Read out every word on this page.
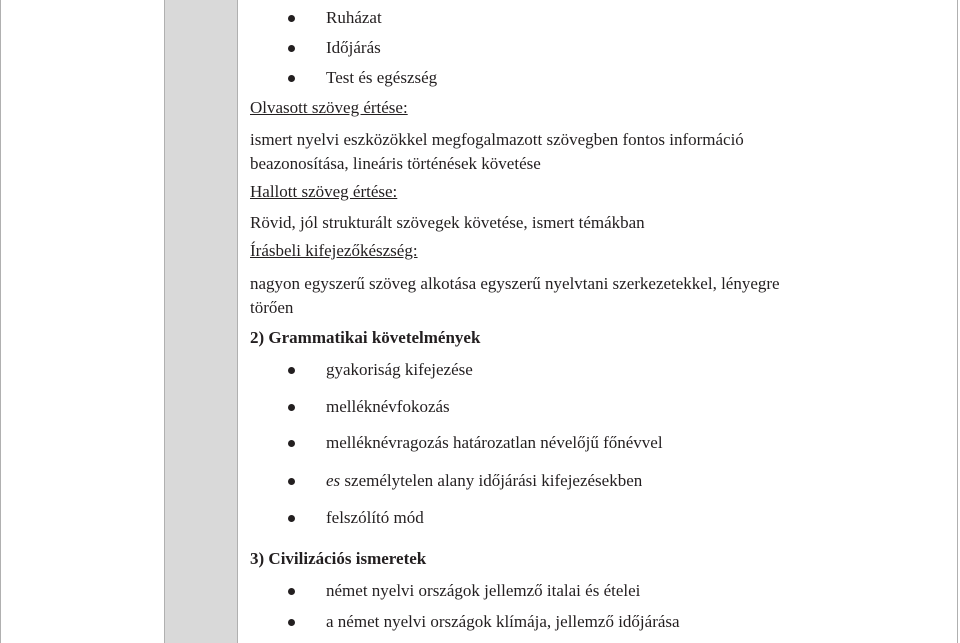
Ruházat
Időjárás
Test és egészség
Olvasott szöveg értése:
ismert nyelvi eszközökkel megfogalmazott szövegben fontos információ
beazonosítása, lineáris történések követése
Hallott szöveg értése:
Rövid, jól strukturált szövegek követése, ismert témákban
Írásbeli kifejezőkészség:
nagyon egyszerű szöveg alkotása egyszerű nyelvtani szerkezetekkel, lényegre
törően
2) Grammatikai követelmények
gyakoriság kifejezése
melléknévfokozás
melléknévragozás határozatlan névelőjű főnévvel
es személytelen alany időjárási kifejezésekben
felszólító mód
3) Civilizációs ismeretek
német nyelvi országok jellemző italai és ételei
a német nyelvi országok klímája, jellemző időjárása
